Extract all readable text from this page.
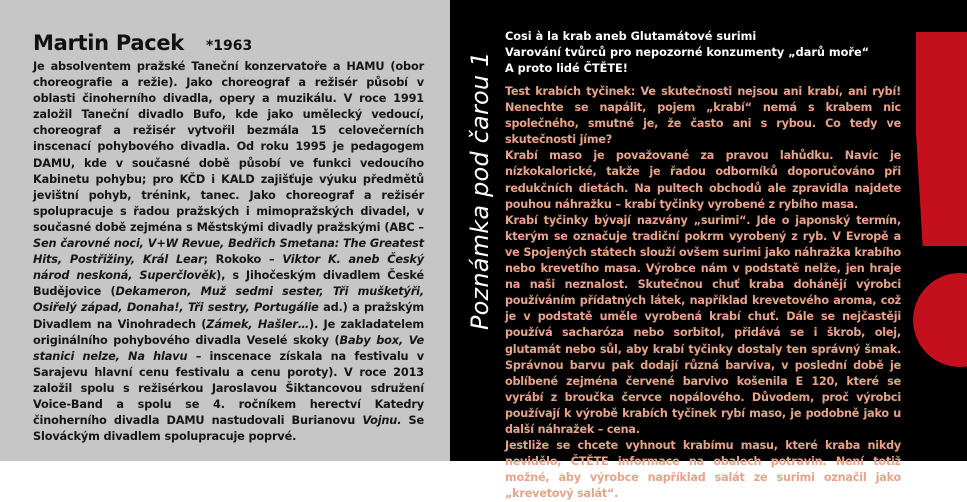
Martin Pacek *1963
Je absolventem pražské Taneční konzervatoře a HAMU (obor choreografie a režie). Jako choreograf a režisér působí v oblasti činoherního divadla, opery a muzikálu. V roce 1991 založil Taneční divadlo Bufo, kde jako umělecký vedoucí, choreograf a režisér vytvořil bezmála 15 celovečerních inscenací pohybového divadla. Od roku 1995 je pedagogem DAMU, kde v současné době působí ve funkci vedoucího Kabinetu pohybu; pro KČD i KALD zajišťuje výuku předmětů jevištní pohyb, trénink, tanec. Jako choreograf a režisér spolupracuje s řadou pražských i mimopražských divadel, v současné době zejména s Městskými divadly pražskými (ABC – Sen čarovné noci, V+W Revue, Bedřich Smetana: The Greatest Hits, Postřižiny, Král Lear; Rokoko – Viktor K. aneb Český národ neskoná, Superčlověk), s Jihočeským divadlem České Budějovice (Dekameron, Muž sedmi sester, Tři mušketýři, Osiřelý západ, Donaha!, Tři sestry, Portugálie ad.) a pražským Divadlem na Vinohradech (Zámek, Hašler…). Je zakladatelem originálního pohybového divadla Veselé skoky (Baby box, Ve stanici nelze, Na hlavu – inscenace získala na festivalu v Sarajevu hlavní cenu festivalu a cenu poroty). V roce 2013 založil spolu s režisérkou Jaroslavou Šiktancovou sdružení Voice-Band a spolu se 4. ročníkem herectví Katedry činoherního divadla DAMU nastudovali Burianovu Vojnu. Se Slováckým divadlem spolupracuje poprvé.
Poznámka pod čarou 1
Cosi à la krab aneb Glutamátové surimi
Varování tvůrců pro nepozorné konzumenty „darů moře“
A proto lidé ČTĚTE!

Test krabích tyčinek: Ve skutečnosti nejsou ani krabí, ani rybí! Nenechte se napálit, pojem „krabí“ nemá s krabem nic společného, smutné je, že často ani s rybou. Co tedy ve skutečnosti jíme?

Krabí maso je považované za pravou lahůdku. Navíc je nízkokalorické, takže je řadou odborníků doporučováno při redukčních dietách. Na pultech obchodů ale zpravidla najdete pouhou náhražku – krabí tyčinky vyrobené z rybího masa.

Krabí tyčinky bývají nazvány „surimi“. Jde o japonský termín, kterým se označuje tradiční pokrm vyrobený z ryb. V Evropě a ve Spojených státech slouží ovšem surimi jako náhražka krabího nebo krevetího masa. Výrobce nám v podstatě nelže, jen hraje na naši neznalost. Skutečnou chuť kraba dohánějí výrobci používáním přídatných látek, například krevetového aroma, což je v podstatě uměle vyrobená krabí chuť. Dále se nejčastěji používá sacharóza nebo sorbitol, přidává se i škrob, olej, glutamát nebo sůl, aby krabí tyčinky dostaly ten správný šmak. Správnou barvu pak dodají různá barviva, v poslední době je oblíbené zejména červené barvivo košenila E 120, které se vyrábí z broučka červce nopálového. Důvodem, proč výrobci používají k výrobě krabích tyčinek rybí maso, je podobně jako u další náhražek – cena.

Jestliže se chcete vyhnout krabímu masu, které kraba nikdy nevidělo, ČTĚTE informace na obalech potravin. Není totiž možné, aby výrobce například salát ze surimi označil jako „krevetový salát“.
